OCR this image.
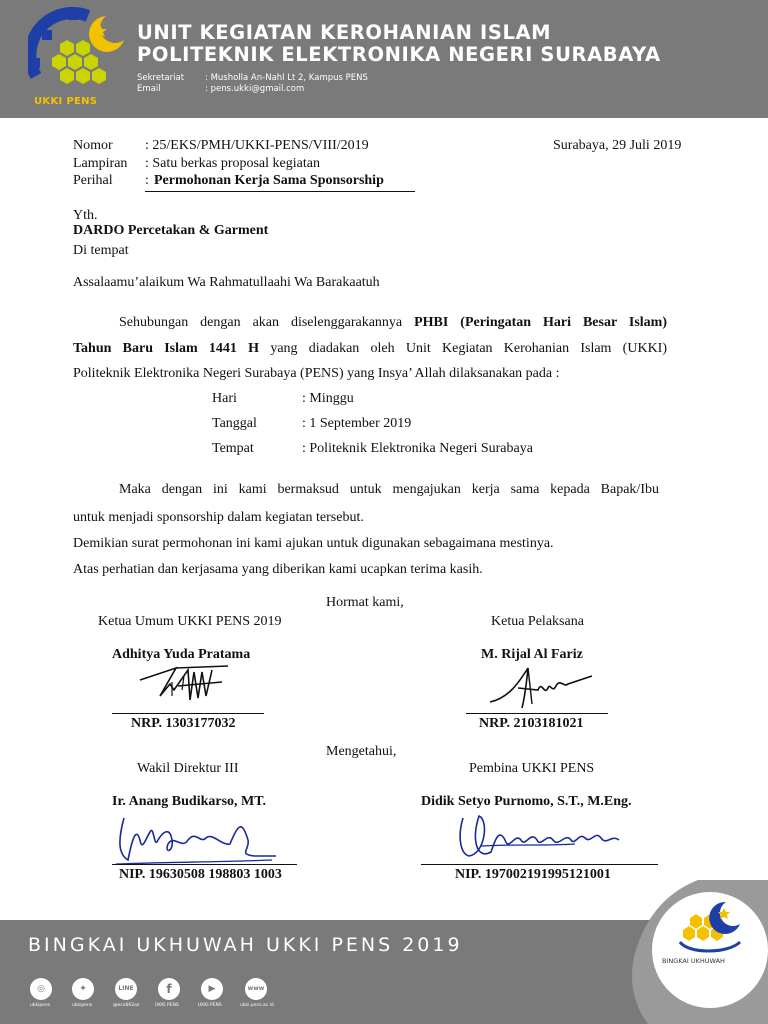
UKKI PENS
UNIT KEGIATAN KEROHANIAN ISLAM
POLITEKNIK ELEKTRONIKA NEGERI SURABAYA
Sekretariat : Musholla An-Nahl Lt 2, Kampus PENS
Email	: pens.ukki@gmail.com
Nomor : 25/EKS/PMH/UKKI-PENS/VIII/2019	Surabaya, 29 Juli 2019
Lampiran : Satu berkas proposal kegiatan
Perihal : Permohonan Kerja Sama Sponsorship
Yth.
DARDO Percetakan & Garment
Di tempat
Assalaamu’alaikum Wa Rahmatullaahi Wa Barakaatuh
Sehubungan dengan akan diselenggarakannya PHBI (Peringatan Hari Besar Islam)
Tahun Baru Islam 1441 H yang diadakan oleh Unit Kegiatan Kerohanian Islam (UKKI)
Politeknik Elektronika Negeri Surabaya (PENS) yang Insya’ Allah dilaksanakan pada :
Hari	: Minggu
Tanggal	: 1 September 2019
Tempat	: Politeknik Elektronika Negeri Surabaya
Maka dengan ini kami bermaksud untuk mengajukan kerja sama kepada Bapak/Ibu
untuk menjadi sponsorship dalam kegiatan tersebut.
Demikian surat permohonan ini kami ajukan untuk digunakan sebagaimana mestinya.
Atas perhatian dan kerjasama yang diberikan kami ucapkan terima kasih.
Hormat kami,
Ketua Umum UKKI PENS 2019	Ketua Pelaksana
Adhitya Yuda Pratama	M. Rijal Al Fariz
NRP. 1303177032	NRP. 2103181021
Mengetahui,
Wakil Direktur III	Pembina UKKI PENS
Ir. Anang Budikarso, MT.	Didik Setyo Purnomo, S.T., M.Eng.
NIP. 19630508 198803 1003	NIP. 197002191995121001
BINGKAI UKHUWAH UKKI PENS 2019
◎	✦	LINE	f	▶	www
ukkipens	ukkipens	@eco662oz	UKKI PENS	UKKI PENS	ukki.pens.ac.id
BINGKAI UKHUWAH
